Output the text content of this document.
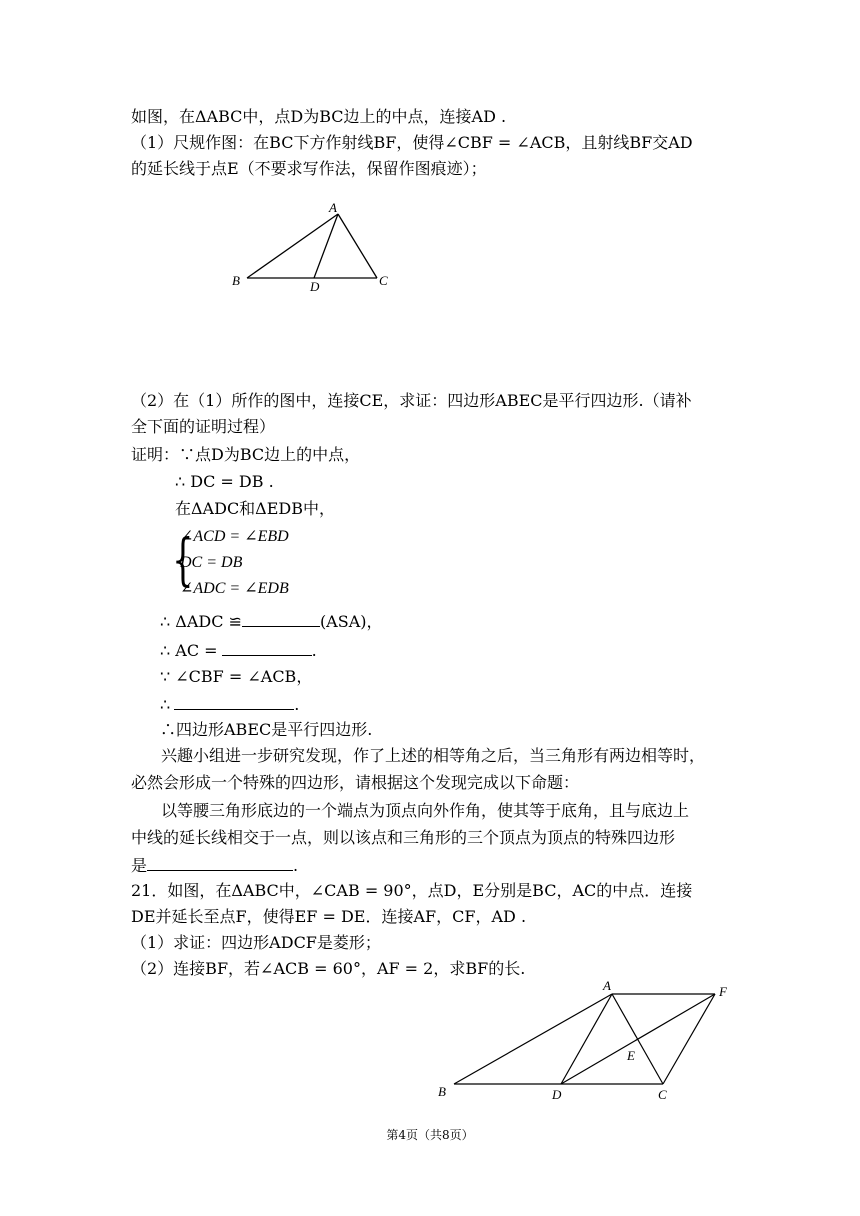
如图，在ΔABC中，点D为BC边上的中点，连接AD .
（1）尺规作图：在BC下方作射线BF，使得∠CBF = ∠ACB，且射线BF交AD
的延长线于点E（不要求写作法，保留作图痕迹）；
A
B	D	C
（2）在（1）所作的图中，连接CE，求证：四边形ABEC是平行四边形.（请补
全下面的证明过程）
证明：∵点D为BC边上的中点，
∴ DC = DB .
在ΔADC和ΔEDB中，
{
∠ACD = ∠EBD
DC = DB
∠ADC = ∠EDB
∴ ΔADC ≌	(ASA)，
∴ AC =	.
∵ ∠CBF = ∠ACB，
∴	.
∴四边形ABEC是平行四边形.
兴趣小组进一步研究发现，作了上述的相等角之后，当三角形有两边相等时，
必然会形成一个特殊的四边形，请根据这个发现完成以下命题：
以等腰三角形底边的一个端点为顶点向外作角，使其等于底角，且与底边上
中线的延长线相交于一点，则以该点和三角形的三个顶点为顶点的特殊四边形
是	.
21．如图，在ΔABC中，∠CAB = 90°，点D，E分别是BC，AC的中点．连接
DE并延长至点F，使得EF = DE．连接AF，CF，AD .
（1）求证：四边形ADCF是菱形；
（2）连接BF，若∠ACB = 60°，AF = 2，求BF的长.
A	F
E
B	D	C
第4页（共8页）
